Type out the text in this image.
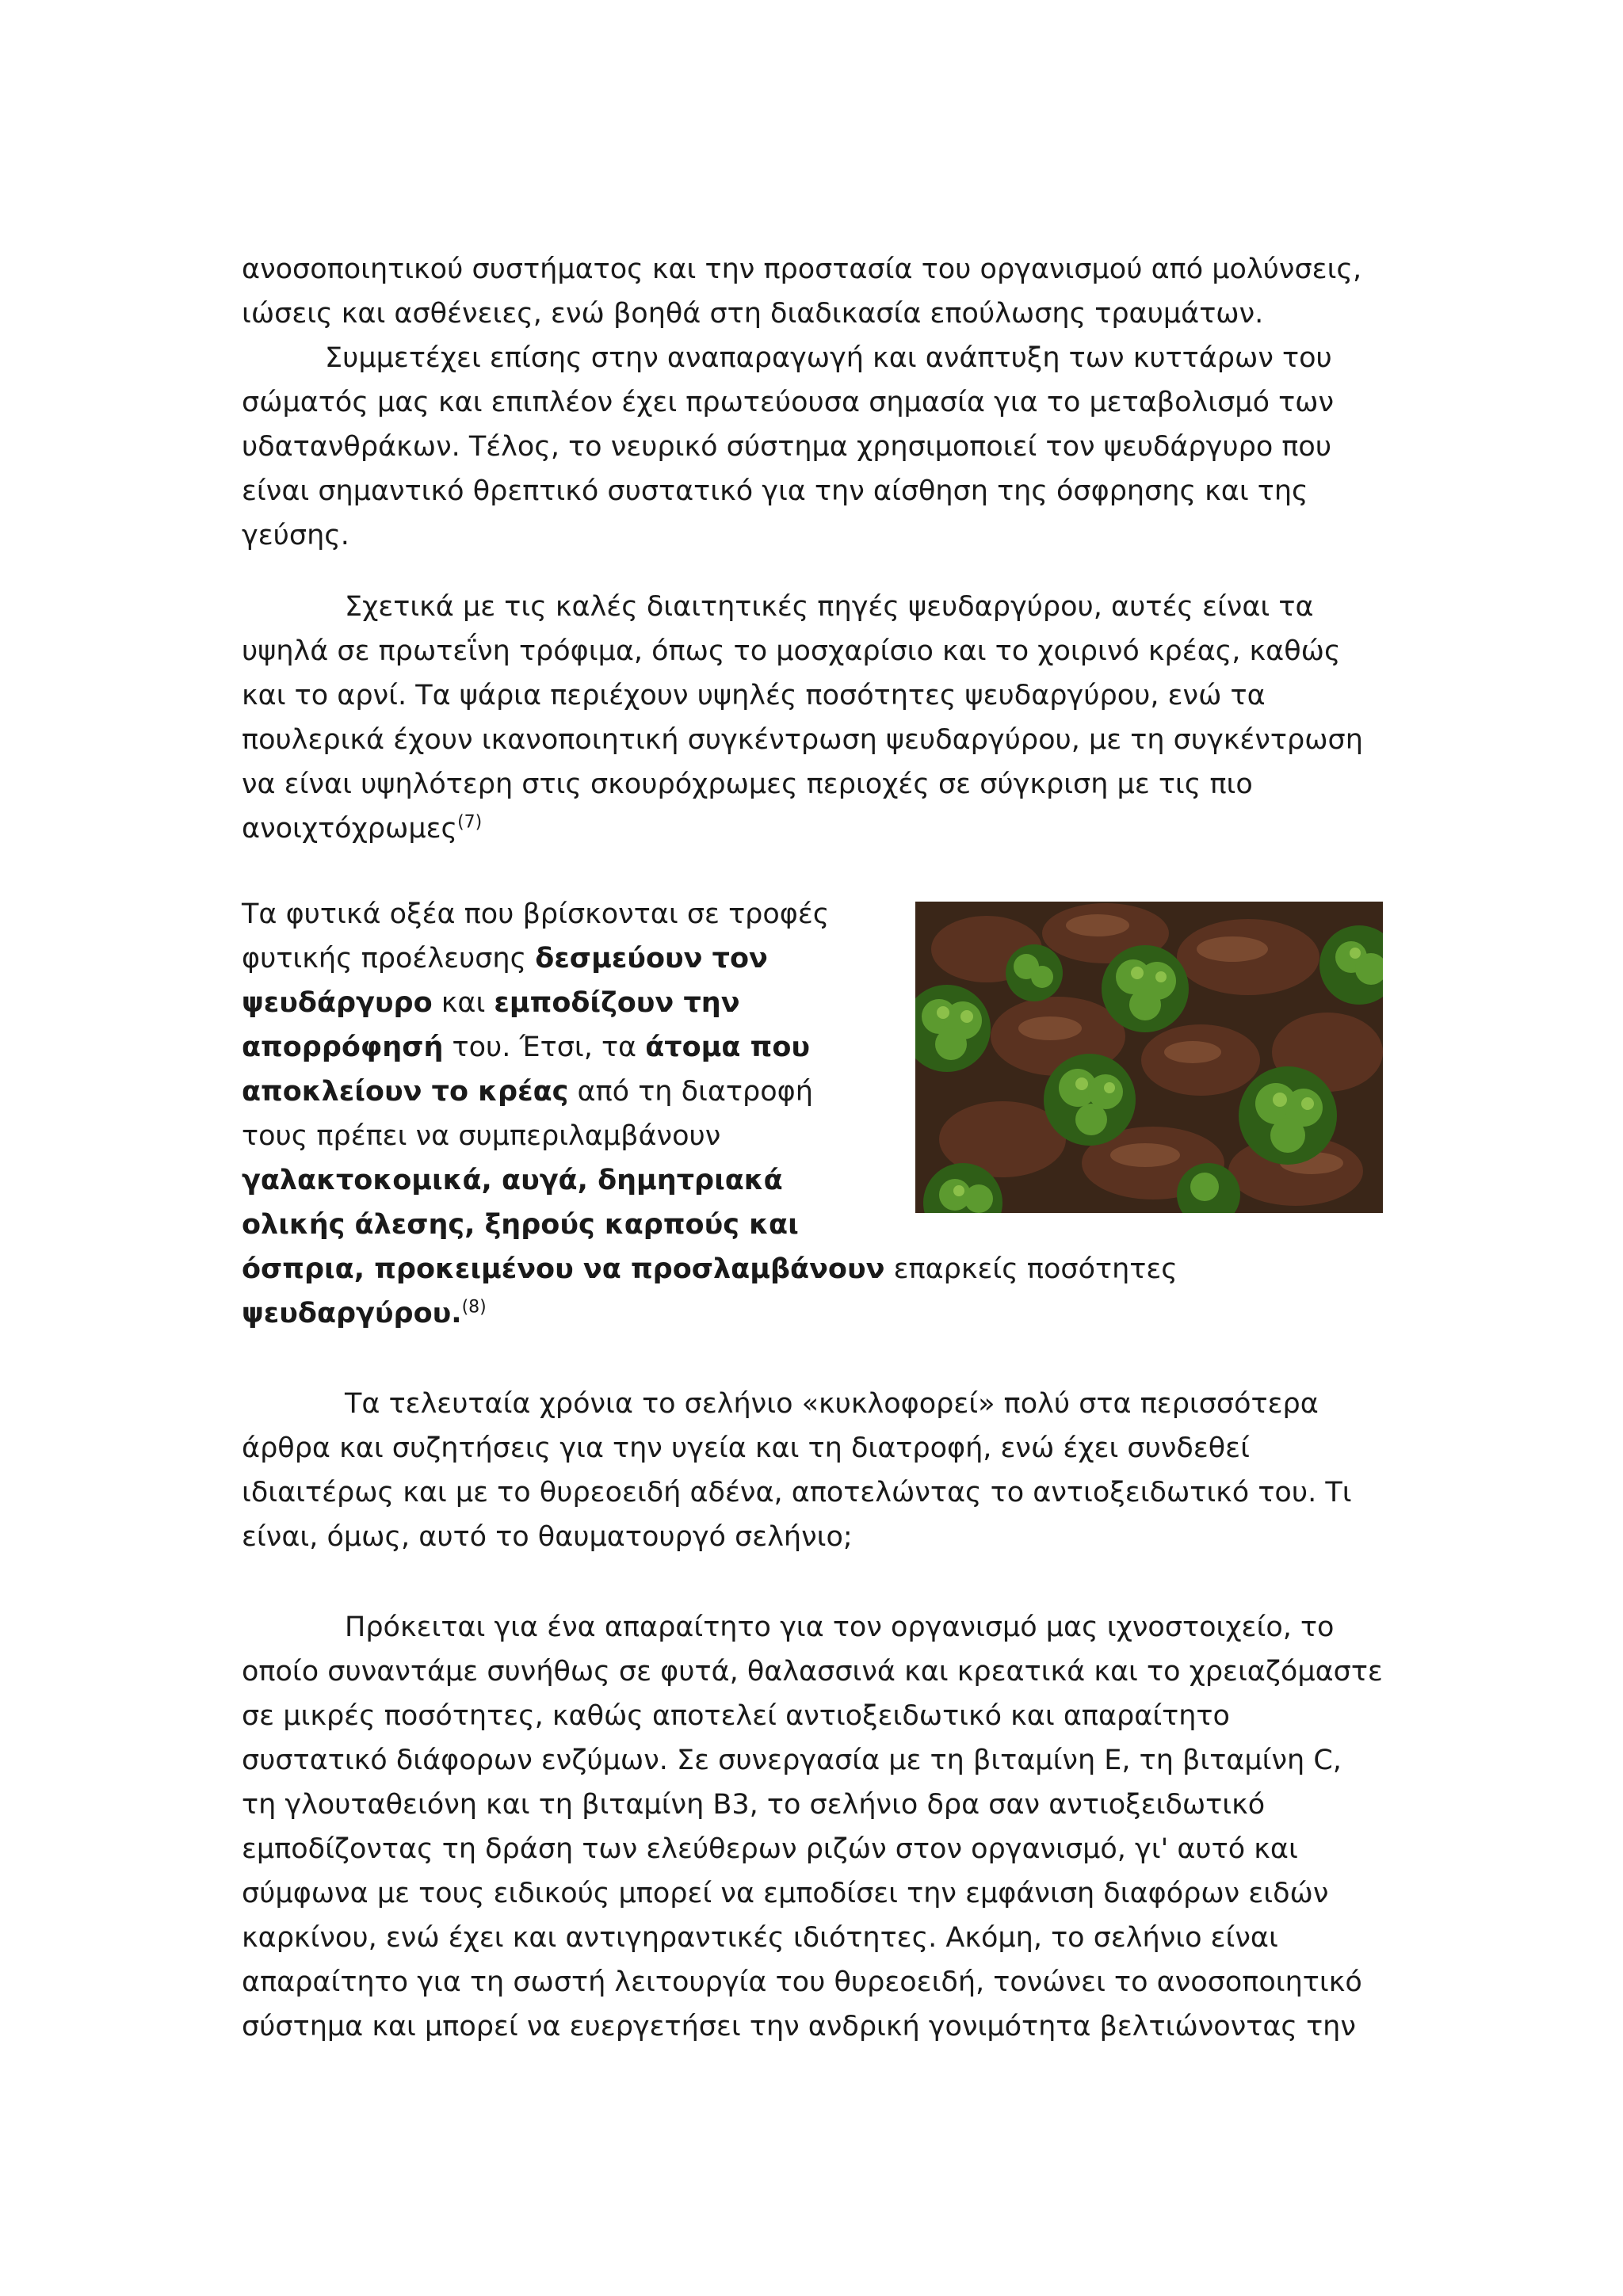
ανοσοποιητικού συστήματος και την προστασία του οργανισμού από μολύνσεις, ιώσεις και ασθένειες, ενώ βοηθά στη διαδικασία επούλωσης τραυμάτων.

Συμμετέχει επίσης στην αναπαραγωγή και ανάπτυξη των κυττάρων του σώματός μας και επιπλέον έχει πρωτεύουσα σημασία για το μεταβολισμό των υδατανθράκων. Τέλος, το νευρικό σύστημα χρησιμοποιεί τον ψευδάργυρο που είναι σημαντικό θρεπτικό συστατικό για την αίσθηση της όσφρησης και της γεύσης.

Σχετικά με τις καλές διαιτητικές πηγές ψευδαργύρου, αυτές είναι τα υψηλά σε πρωτεΐνη τρόφιμα, όπως το μοσχαρίσιο και το χοιρινό κρέας, καθώς και το αρνί. Τα ψάρια περιέχουν υψηλές ποσότητες ψευδαργύρου, ενώ τα πουλερικά έχουν ικανοποιητική συγκέντρωση ψευδαργύρου, με τη συγκέντρωση να είναι υψηλότερη στις σκουρόχρωμες περιοχές σε σύγκριση με τις πιο ανοιχτόχρωμες$^{(7)}$

Τα φυτικά οξέα που βρίσκονται σε τροφές φυτικής προέλευσης δεσμεύουν τον ψευδάργυρο και εμποδίζουν την απορρόφησή του. Έτσι, τα άτομα που αποκλείουν το κρέας από τη διατροφή τους πρέπει να συμπεριλαμβάνουν γαλακτοκομικά, αυγά, δημητριακά ολικής άλεσης, ξηρούς καρπούς και όσπρια, προκειμένου να προσλαμβάνουν επαρκείς ποσότητες ψευδαργύρου.$^{(8)}$

Τα τελευταία χρόνια το σελήνιο «κυκλοφορεί» πολύ στα περισσότερα άρθρα και συζητήσεις για την υγεία και τη διατροφή, ενώ έχει συνδεθεί ιδιαιτέρως και με το θυρεοειδή αδένα, αποτελώντας το αντιοξειδωτικό του. Τι είναι, όμως, αυτό το θαυματουργό σελήνιο;

Πρόκειται για ένα απαραίτητο για τον οργανισμό μας ιχνοστοιχείο, το οποίο συναντάμε συνήθως σε φυτά, θαλασσινά και κρεατικά και το χρειαζόμαστε σε μικρές ποσότητες, καθώς αποτελεί αντιοξειδωτικό και απαραίτητο συστατικό διάφορων ενζύμων. Σε συνεργασία με τη βιταμίνη Ε, τη βιταμίνη C, τη γλουταθειόνη και τη βιταμίνη Β3, το σελήνιο δρα σαν αντιοξειδωτικό εμποδίζοντας τη δράση των ελεύθερων ριζών στον οργανισμό, γι' αυτό και σύμφωνα με τους ειδικούς μπορεί να εμποδίσει την εμφάνιση διαφόρων ειδών καρκίνου, ενώ έχει και αντιγηραντικές ιδιότητες. Ακόμη, το σελήνιο είναι απαραίτητο για τη σωστή λειτουργία του θυρεοειδή, τονώνει το ανοσοποιητικό σύστημα και μπορεί να ευεργετήσει την ανδρική γονιμότητα βελτιώνοντας την
